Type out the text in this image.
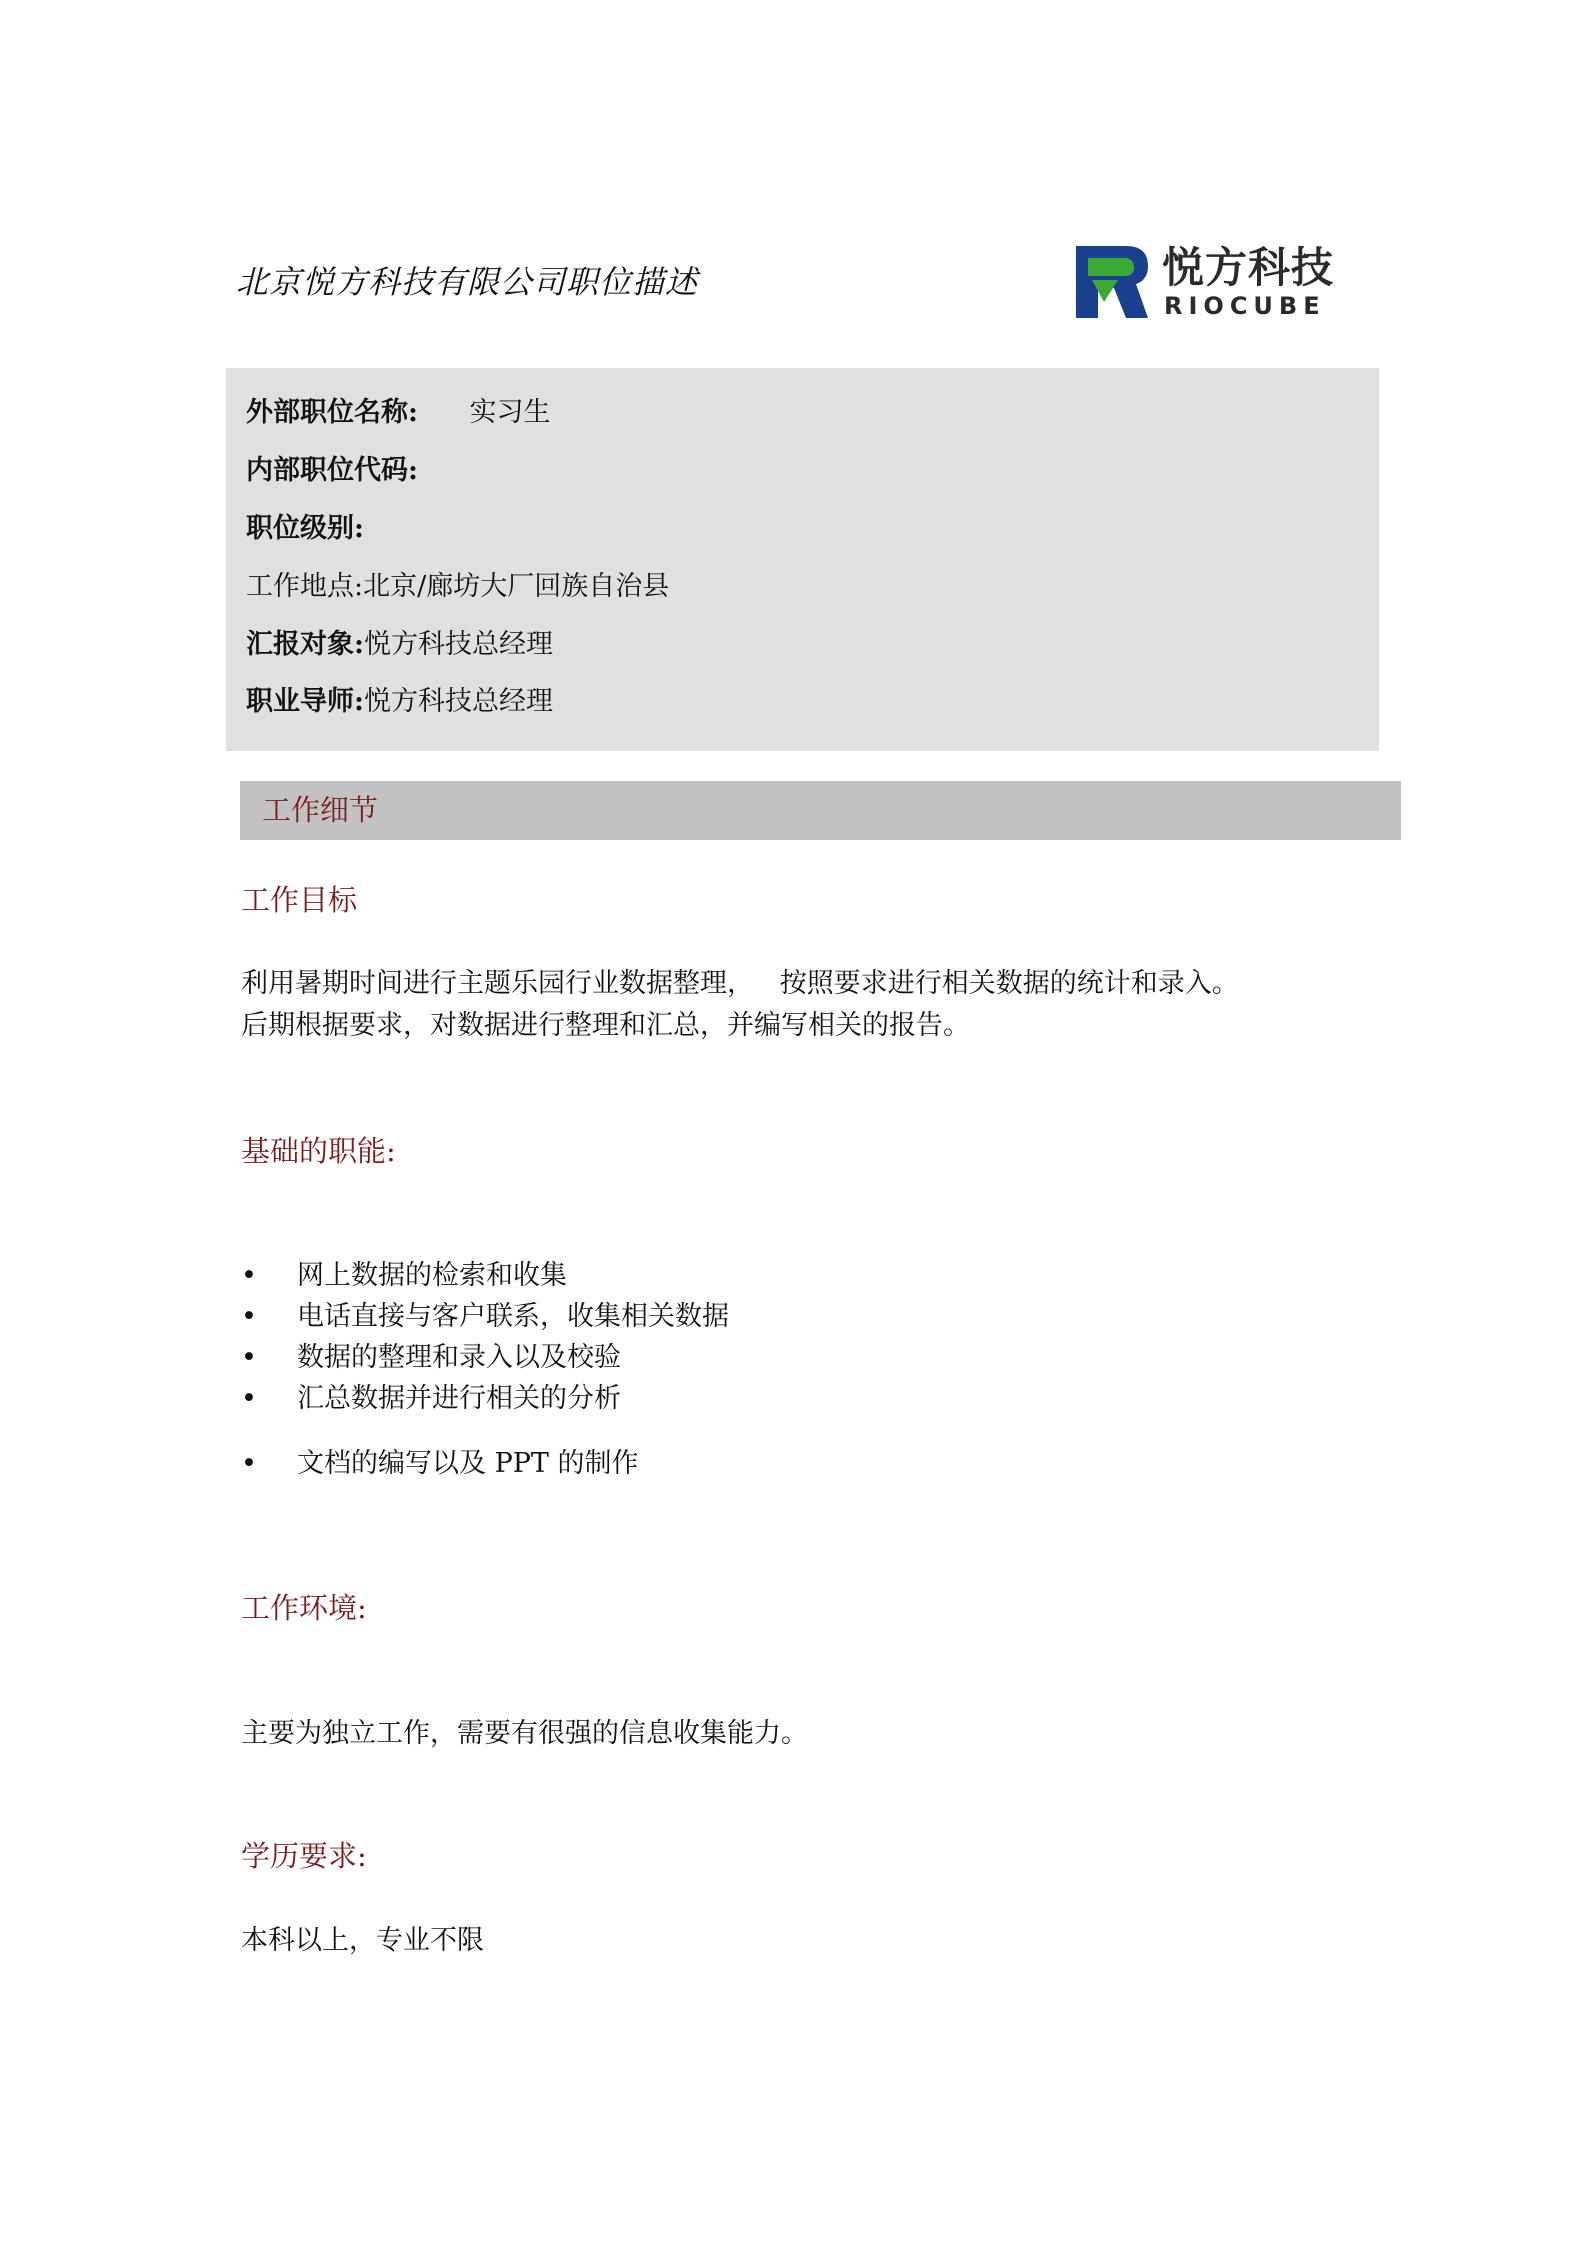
北京悦方科技有限公司职位描述	悦方科技
RIOCUBE
外部职位名称: 实习生
内部职位代码:
职位级别:
工作地点:北京/廊坊大厂回族自治县
汇报对象:悦方科技总经理
职业导师:悦方科技总经理
工作细节
工作目标
利用暑期时间进行主题乐园行业数据整理，   按照要求进行相关数据的统计和录入。
后期根据要求，对数据进行整理和汇总，并编写相关的报告。
基础的职能:
• 网上数据的检索和收集
• 电话直接与客户联系，收集相关数据
• 数据的整理和录入以及校验
• 汇总数据并进行相关的分析
• 文档的编写以及 PPT 的制作
工作环境:
主要为独立工作，需要有很强的信息收集能力。
学历要求:
本科以上，专业不限
